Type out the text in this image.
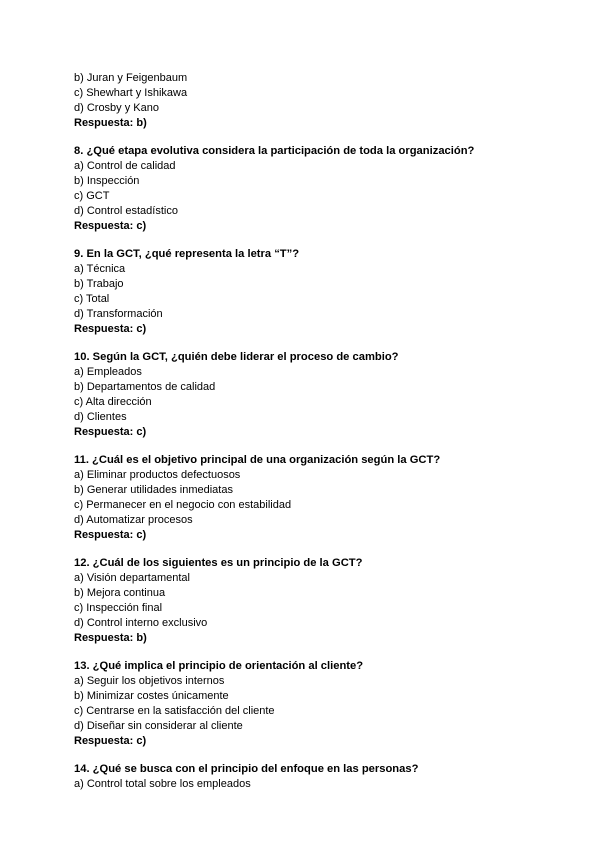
b) Juran y Feigenbaum
c) Shewhart y Ishikawa
d) Crosby y Kano
Respuesta: b)
8. ¿Qué etapa evolutiva considera la participación de toda la organización?
a) Control de calidad
b) Inspección
c) GCT
d) Control estadístico
Respuesta: c)
9. En la GCT, ¿qué representa la letra “T”?
a) Técnica
b) Trabajo
c) Total
d) Transformación
Respuesta: c)
10. Según la GCT, ¿quién debe liderar el proceso de cambio?
a) Empleados
b) Departamentos de calidad
c) Alta dirección
d) Clientes
Respuesta: c)
11. ¿Cuál es el objetivo principal de una organización según la GCT?
a) Eliminar productos defectuosos
b) Generar utilidades inmediatas
c) Permanecer en el negocio con estabilidad
d) Automatizar procesos
Respuesta: c)
12. ¿Cuál de los siguientes es un principio de la GCT?
a) Visión departamental
b) Mejora continua
c) Inspección final
d) Control interno exclusivo
Respuesta: b)
13. ¿Qué implica el principio de orientación al cliente?
a) Seguir los objetivos internos
b) Minimizar costes únicamente
c) Centrarse en la satisfacción del cliente
d) Diseñar sin considerar al cliente
Respuesta: c)
14. ¿Qué se busca con el principio del enfoque en las personas?
a) Control total sobre los empleados
